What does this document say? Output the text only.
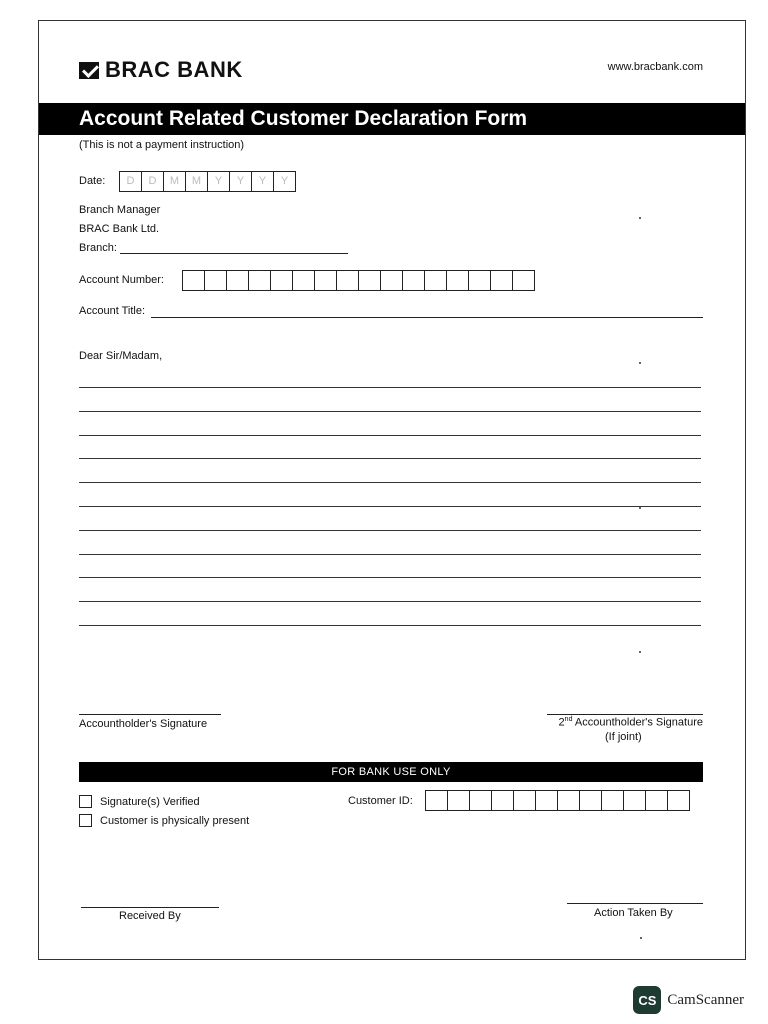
BRAC BANK	www.bracbank.com
Account Related Customer Declaration Form
(This is not a payment instruction)
Date:	D	D	M	M	Y	Y	Y	Y
Branch Manager
BRAC Bank Ltd.
Branch:
Account Number:
Account Title:
Dear Sir/Madam,
Accountholder's Signature	2nd Accountholder's Signature
(If joint)
FOR BANK USE ONLY
Signature(s) Verified
Customer is physically present
Customer ID:
Received By	Action Taken By
CS CamScanner
